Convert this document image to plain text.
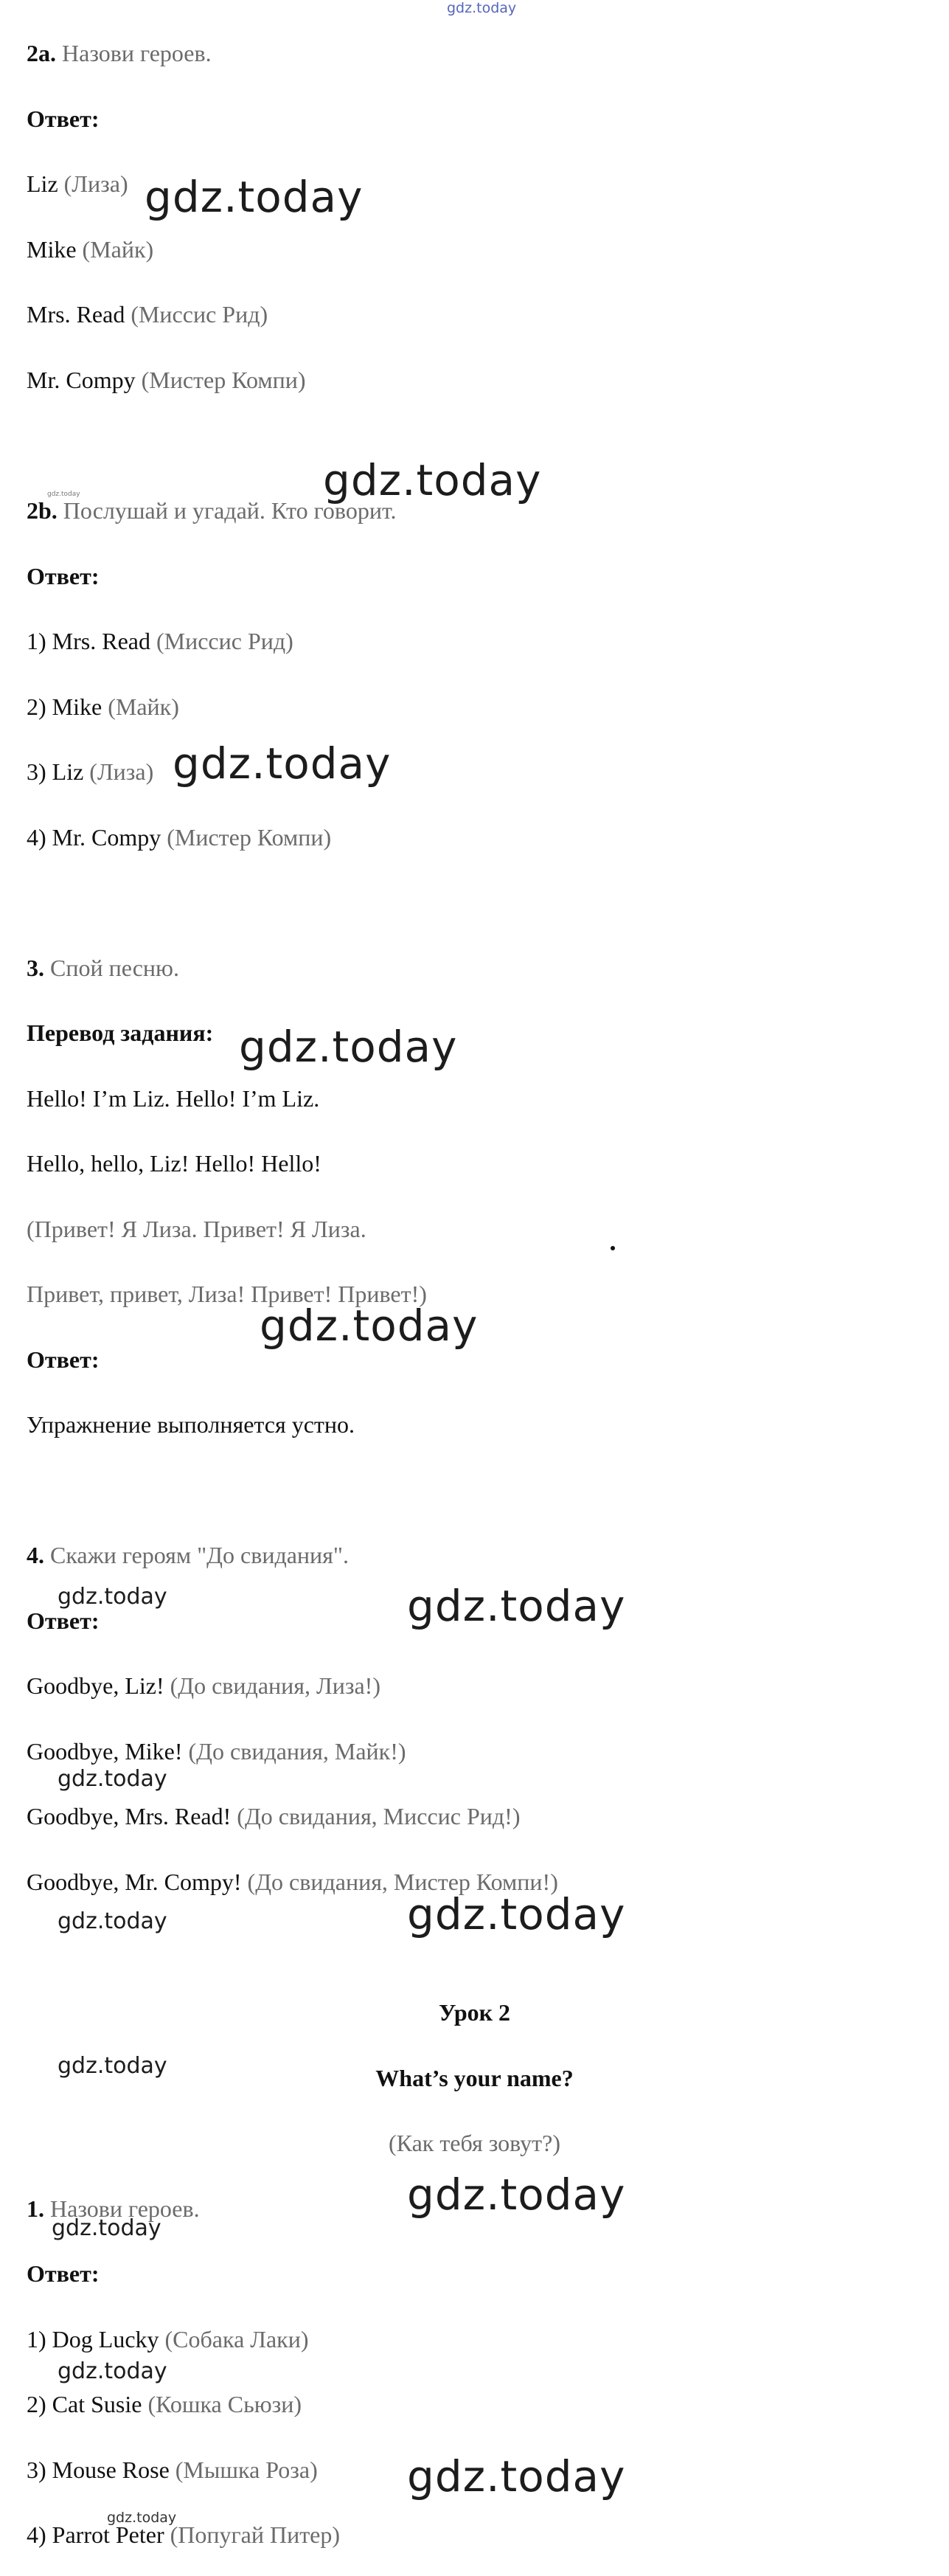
gdz.today
2a. Назови героев.
Ответ:
Liz (Лиза)
Mike (Майк)
Mrs. Read (Миссис Рид)
Mr. Compy (Мистер Компи)
2b. Послушай и угадай. Кто говорит.
Ответ:
1) Mrs. Read (Миссис Рид)
2) Mike (Майк)
3) Liz (Лиза)
4) Mr. Compy (Мистер Компи)
3. Спой песню.
Перевод задания:
Hello! I’m Liz. Hello! I’m Liz.
Hello, hello, Liz! Hello! Hello!
(Привет! Я Лиза. Привет! Я Лиза.
Привет, привет, Лиза! Привет! Привет!)
Ответ:
Упражнение выполняется устно.
4. Скажи героям "До свидания".
Ответ:
Goodbye, Liz! (До свидания, Лиза!)
Goodbye, Mike! (До свидания, Майк!)
Goodbye, Mrs. Read! (До свидания, Миссис Рид!)
Goodbye, Mr. Compy! (До свидания, Мистер Компи!)
Урок 2
What’s your name?
(Как тебя зовут?)
1. Назови героев.
Ответ:
1) Dog Lucky (Собака Лаки)
2) Cat Susie (Кошка Сьюзи)
3) Mouse Rose (Мышка Роза)
4) Parrot Peter (Попугай Питер)
gdz.today
gdz.today
gdz.today
gdz.today
gdz.today
gdz.today
gdz.today	gdz.today
gdz.today
gdz.today	gdz.today
gdz.today
gdz.today
gdz.today
gdz.today
gdz.today
gdz.today
